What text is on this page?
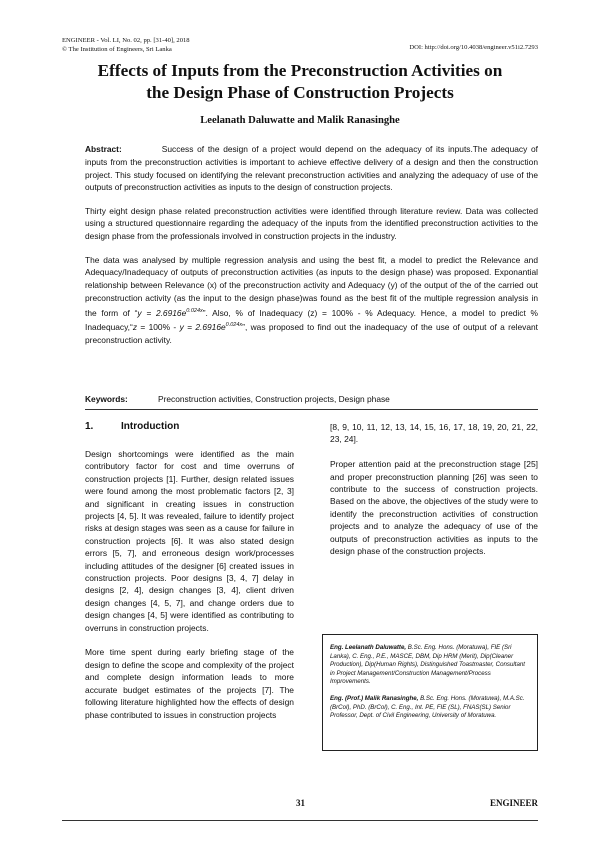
ENGINEER - Vol. LI, No. 02, pp. [31-40], 2018
© The Institution of Engineers, Sri Lanka	DOI: http://doi.org/10.4038/engineer.v51i2.7293
Effects of Inputs from the Preconstruction Activities on
the Design Phase of Construction Projects
Leelanath Daluwatte and Malik Ranasinghe

Abstract:	Success of the design of a project would depend on the adequacy of its inputs.The adequacy of inputs from the preconstruction activities is important to achieve effective delivery of a design and then the construction project. This study focused on identifying the relevant preconstruction activities and analyzing the adequacy of use of the outputs of preconstruction activities as inputs to the design of construction projects.

Thirty eight design phase related preconstruction activities were identified through literature review. Data was collected using a structured questionnaire regarding the adequacy of the inputs from the identified preconstruction activities to the design phase from the professionals involved in construction projects in the industry.

The data was analysed by multiple regression analysis and using the best fit, a model to predict the Relevance and Adequacy/Inadequacy of outputs of preconstruction activities (as inputs to the design phase) was proposed. Exponantial relationship between Relevance (x) of the preconstruction activity and Adequacy (y) of the output of the of the carried out preconstruction activity (as the input to the design phase)was found as the best fit of the multiple regression analysis in the form of “$y = 2.6916e^{0.024x}$”. Also, % of Inadequacy (z) = 100% - % Adequacy. Hence, a model to predict % Inadequacy,“z = $100\% - y = 2.6916e^{0.024x}$”, was proposed to find out the inadequacy of the use of output of a relevant preconstruction activity.

Keywords:	Preconstruction activities, Construction projects, Design phase
1.	Introduction

Design shortcomings were identified as the main contributory factor for cost and time overruns of construction projects [1]. Further, design related issues were found among the most problematic factors [2, 3] and significant in creating issues in construction projects [4, 5]. It was revealed, failure to identify project risks at design stages was seen as a cause for failure in construction projects [6]. It was also stated design errors [5, 7], and erroneous design work/processes including attitudes of the designer [6] created issues in construction projects. Poor designs [3, 4, 7] delay in designs [2, 4], design changes [3, 4], client driven design changes [4, 5, 7], and change orders due to design changes [4, 5] were identified as contributing to overruns in construction projects.

More time spent during early briefing stage of the design to define the scope and complexity of the project and complete design information leads to more accurate budget estimates of the projects [7]. The following literature highlighted how the effects of design phase contributed to issues in construction projects

[8, 9, 10, 11, 12, 13, 14, 15, 16, 17, 18, 19, 20, 21, 22, 23, 24].

Proper attention paid at the preconstruction stage [25] and proper preconstruction planning [26] was seen to contribute to the success of construction projects. Based on the above, the objectives of the study were to identify the preconstruction activities of construction projects and to analyze the adequacy of use of the outputs of preconstruction activities as inputs to the design phase of the construction projects.

Eng. Leelanath Daluwatte, B.Sc. Eng. Hons. (Moratuwa), FIE (Sri Lanka), C. Eng., P.E., MASCE, DBM, Dip HRM (Merit), Dip(Cleaner Production), Dip(Human Rights), Distinguished Toastmaster, Consultant in Project Management/Construction Management/Process Improvements.

Eng. (Prof.) Malik Ranasinghe, B.Sc. Eng. Hons. (Moratuwa), M.A.Sc. (BrCol), PhD. (BrCol), C. Eng., Int. PE, FIE (SL), FNAS(SL) Senior Professor, Dept. of Civil Engineering, University of Moratuwa.

31	ENGINEER
